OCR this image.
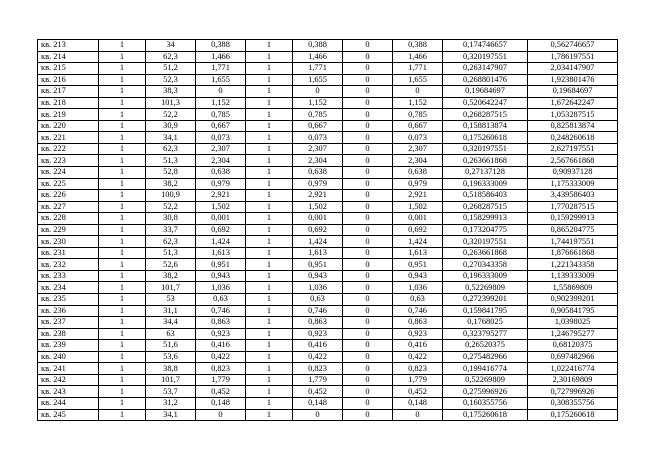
кв. 213	1	34	0,388	1	0,388	0	0,388	0,174746657	0,562746657
кв. 214	1	62,3	1,466	1	1,466	0	1,466	0,320197551	1,786197551
кв. 215	1	51,2	1,771	1	1,771	0	1,771	0,263147907	2,034147907
кв. 216	1	52,3	1,655	1	1,655	0	1,655	0,268801476	1,923801476
кв. 217	1	38,3	0	1	0	0	0	0,19684697	0,19684697
кв. 218	1	101,3	1,152	1	1,152	0	1,152	0,520642247	1,672642247
кв. 219	1	52,2	0,785	1	0,785	0	0,785	0,268287515	1,053287515
кв. 220	1	30,9	0,667	1	0,667	0	0,667	0,158813874	0,825813874
кв. 221	1	34,1	0,073	1	0,073	0	0,073	0,175260618	0,248260618
кв. 222	1	62,3	2,307	1	2,307	0	2,307	0,320197551	2,627197551
кв. 223	1	51,3	2,304	1	2,304	0	2,304	0,263661868	2,567661868
кв. 224	1	52,8	0,638	1	0,638	0	0,638	0,27137128	0,90937128
кв. 225	1	38,2	0,979	1	0,979	0	0,979	0,196333009	1,175333009
кв. 226	1	100,9	2,921	1	2,921	0	2,921	0,518586403	3,439586403
кв. 227	1	52,2	1,502	1	1,502	0	1,502	0,268287515	1,770287515
кв. 228	1	30,8	0,001	1	0,001	0	0,001	0,158299913	0,159299913
кв. 229	1	33,7	0,692	1	0,692	0	0,692	0,173204775	0,865204775
кв. 230	1	62,3	1,424	1	1,424	0	1,424	0,320197551	1,744197551
кв. 231	1	51,3	1,613	1	1,613	0	1,613	0,263661868	1,876661868
кв. 232	1	52,6	0,951	1	0,951	0	0,951	0,270343358	1,221343358
кв. 233	1	38,2	0,943	1	0,943	0	0,943	0,196333009	1,139333009
кв. 234	1	101,7	1,036	1	1,036	0	1,036	0,52269809	1,55869809
кв. 235	1	53	0,63	1	0,63	0	0,63	0,272399201	0,902399201
кв. 236	1	31,1	0,746	1	0,746	0	0,746	0,159841795	0,905841795
кв. 237	1	34,4	0,863	1	0,863	0	0,863	0,1768025	1,0398025
кв. 238	1	63	0,923	1	0,923	0	0,923	0,323795277	1,246795277
кв. 239	1	51,6	0,416	1	0,416	0	0,416	0,26520375	0,68120375
кв. 240	1	53,6	0,422	1	0,422	0	0,422	0,275482966	0,697482966
кв. 241	1	38,8	0,823	1	0,823	0	0,823	0,199416774	1,022416774
кв. 242	1	101,7	1,779	1	1,779	0	1,779	0,52269809	2,30169809
кв. 243	1	53,7	0,452	1	0,452	0	0,452	0,275996926	0,727996926
кв. 244	1	31,2	0,148	1	0,148	0	0,148	0,160355756	0,308355756
кв. 245	1	34,1	0	1	0	0	0	0,175260618	0,175260618
